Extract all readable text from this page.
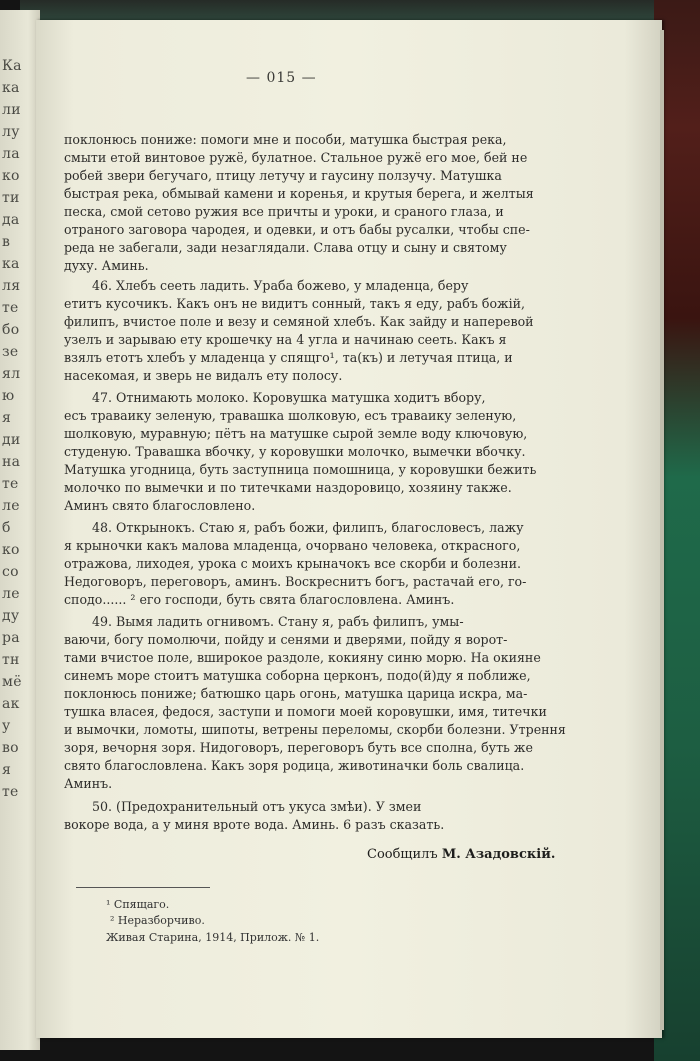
Ка
ка
ли
лу
ла
ко
ти
да
в
ка
ля
те
бо
зе
ял
ю
я
ди
на
те
ле
б
ко
со
ле
ду
ра
тн
мё
ак
у
во
я
те
— 015 —
поклонюсь пониже: помоги мне и пособи, матушка быстрая река,
смыти етой винтовое ружё, булатное. Стальное ружё его мое, бей не
робей звери бегучаго, птицу летучу и гаусину ползучу. Матушка
быстрая река, обмывай камени и коренья, и крутыя берега, и желтыя
песка, смой сетово ружия все причты и уроки, и сраного глаза, и
отраного заговора чародея, и одевки, и отъ бабы русалки, чтобы спе-
реда не забегали, зади незаглядали. Слава отцу и сыну и святому
духу. Аминь.
46. Хлебъ сееть ладить. Ураба божево, у младенца, беру
етитъ кусочикъ. Какъ онъ не видитъ сонный, такъ я еду, рабъ божiй,
филипъ, вчистое поле и везу и семяной хлебъ. Как зайду и наперевой
узелъ и зарываю ету крошечку на 4 угла и начинаю сееть. Какъ я
взялъ етотъ хлебъ у младенца у спящго¹, та(къ) и летучая птица, и
насекомая, и зверь не видалъ ету полосу.
47. Отнимають молоко. Коровушка матушка ходитъ вбору,
есъ траваику зеленую, травашка шолковую, есъ траваику зеленую,
шолковую, муравную; пётъ на матушке сырой земле воду ключовую,
студеную. Травашка вбочку, у коровушки молочко, вымечки вбочку.
Матушка угодница, буть заступница помошница, у коровушки бежить
молочко по вымечки и по титечками наздоровицо, хозяину также.
Аминъ свято благословлено.
48. Открынокъ. Стаю я, рабъ божи, филипъ, благословесъ, лажу
я крыночки какъ малова младенца, очорвано человека, открасного,
отражова, лиходея, урока с моихъ крыначокъ все скорби и болезни.
Недоговоръ, переговоръ, аминъ. Воскреснитъ богъ, растачай его, го-
сподо...... ² его господи, буть свята благословлена. Аминъ.
49. Вымя ладить огнивомъ. Стану я, рабъ филипъ, умы-
ваючи, богу помолючи, пойду и сенями и дверями, пойду я ворот-
тами вчистое поле, вширокое раздоле, кокияну синю морю. На окияне
синемъ море стоитъ матушка соборна церконъ, подо(й)ду я поближе,
поклонюсь пониже; батюшко царь огонь, матушка царица искра, ма-
тушка власея, федося, заступи и помоги моей коровушки, имя, титечки
и вымочки, ломоты, шипоты, ветрены переломы, скорби болезни. Утрення
зоря, вечорня зоря. Нидоговоръ, переговоръ буть все сполна, буть же
свято благословлена. Какъ зоря родица, животиначки боль свалица.
Аминъ.
50. (Предохранительный отъ укуса змѣи). У змеи
вокоре вода, а у миня вроте вода. Аминь. 6 разъ сказать.
Сообщилъ М. Азадовскiй.
¹ Спящаго.
² Неразборчиво.
Живая Старина, 1914, Прилож. № 1.
